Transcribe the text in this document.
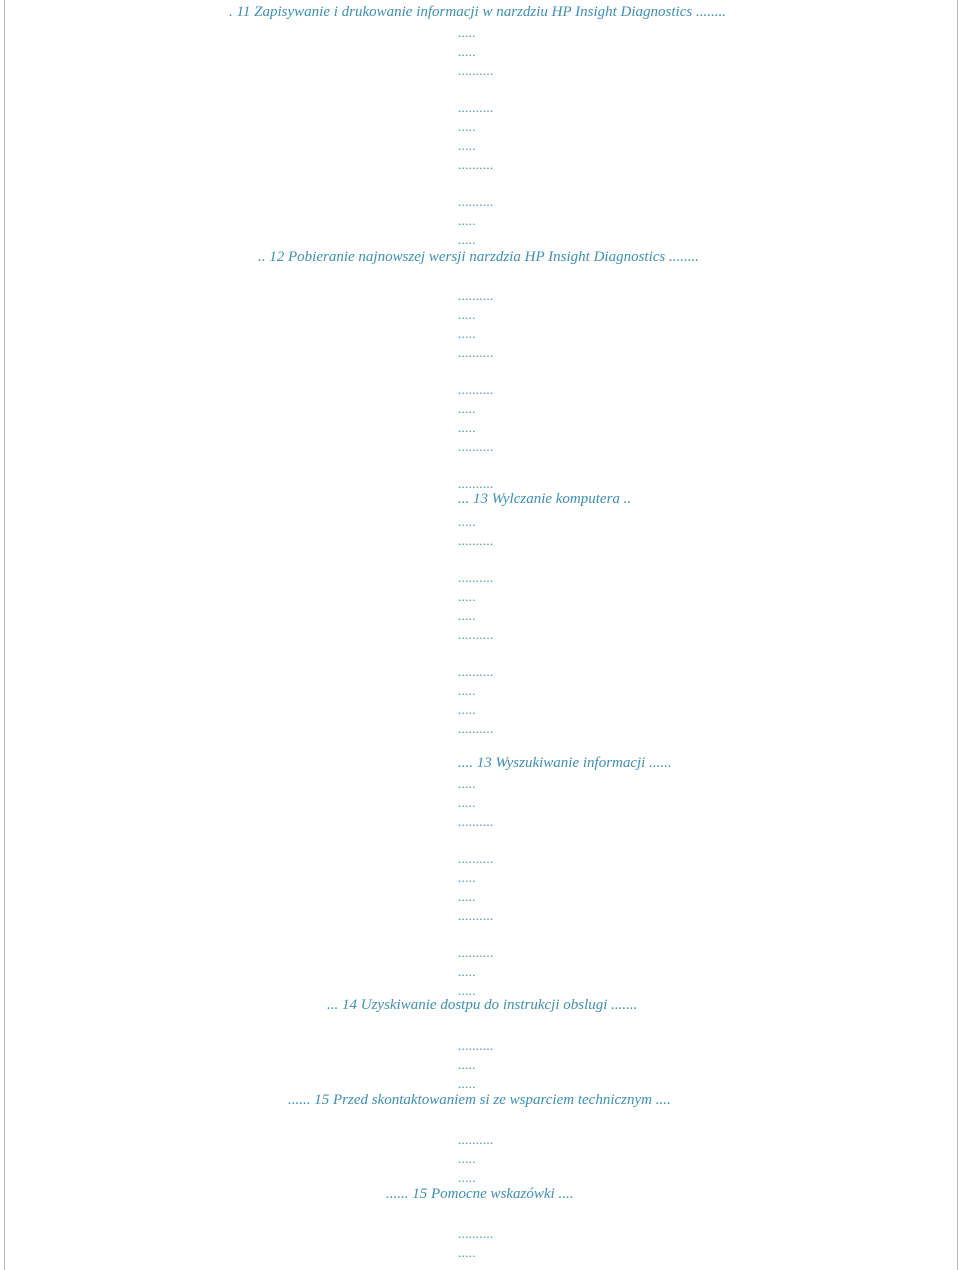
. 11 Zapisywanie i drukowanie informacji w narzdziu HP Insight Diagnostics ........
.....
.....
..........
..........
.....
.....
..........
..........
.....
.....
.. 12 Pobieranie najnowszej wersji narzdzia HP Insight Diagnostics ........
..........
.....
.....
..........
..........
.....
.....
..........
..........
... 13 Wylczanie komputera ..
.....
..........
..........
.....
.....
..........
..........
.....
.....
..........
.... 13 Wyszukiwanie informacji ......
.....
.....
..........
..........
.....
.....
..........
..........
.....
.....
... 14 Uzyskiwanie dostpu do instrukcji obslugi .......
..........
.....
.....
...... 15 Przed skontaktowaniem si ze wsparciem technicznym ....
..........
.....
.....
...... 15 Pomocne wskazówki ....
..........
.....
